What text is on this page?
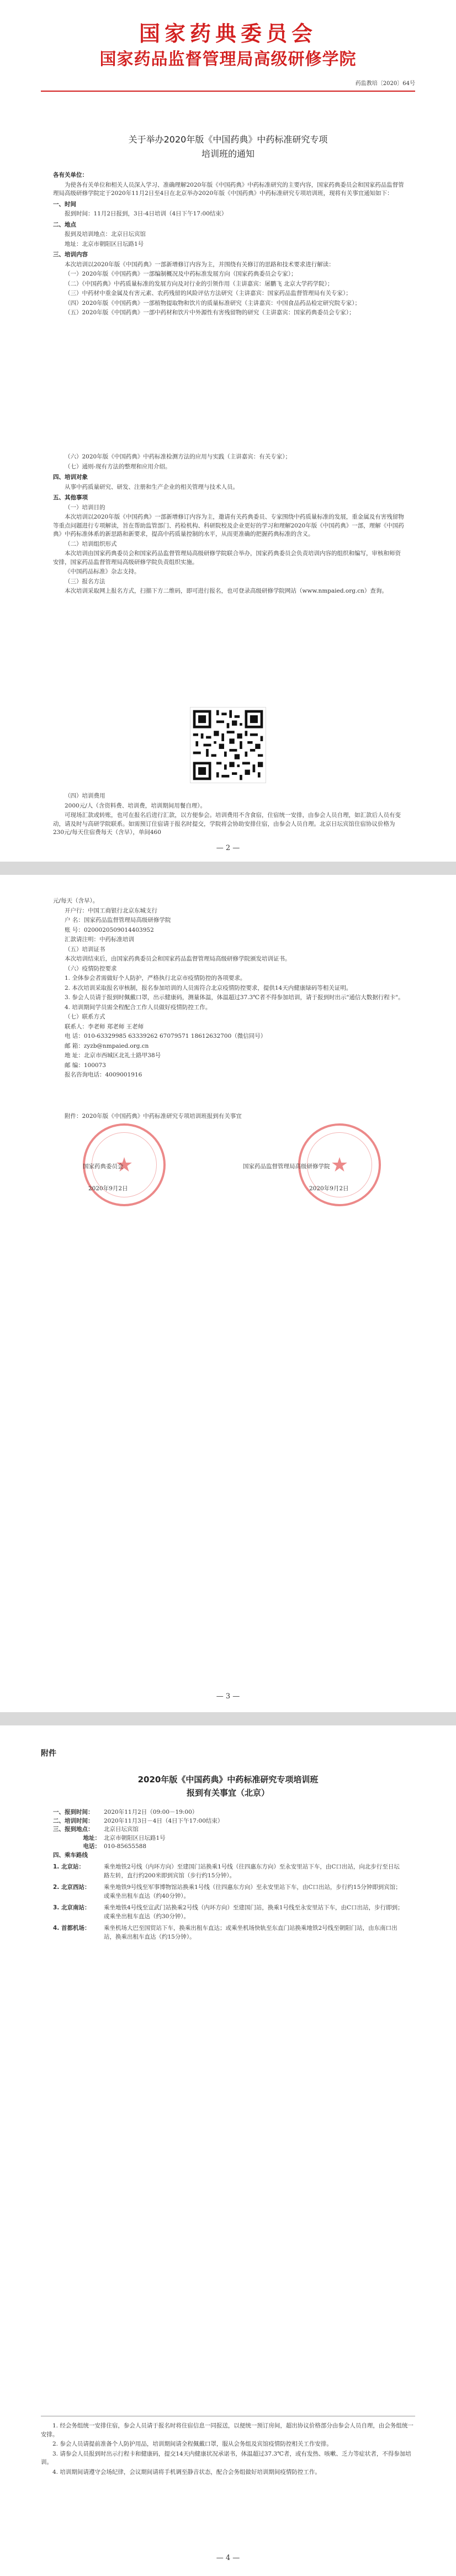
国家药典委员会
国家药品监督管理局高级研修学院
药监教培〔2020〕64号
关于举办2020年版《中国药典》中药标准研究专项
培训班的通知

各有关单位：

为使各有关单位和相关人员深入学习、准确理解2020年版《中国药典》中药标准研究的主要内容，国家药典委员会和国家药品监督管理局高级研修学院定于2020年11月2日至4日在北京举办2020年版《中国药典》中药标准研究专项培训班，现将有关事宜通知如下：

一、时间

报到时间：11月2日报到，3日-4日培训（4日下午17:00结束）

二、地点

报到及培训地点：北京日坛宾馆

地址：北京市朝阳区日坛路1号

三、培训内容

本次培训以2020年版《中国药典》一部新增修订内容为主，并围绕有关修订的思路和技术要求进行解读：

（一）2020年版《中国药典》一部编制概况及中药标准发展方向（国家药典委员会专家）；

（二）《中国药典》中药质量标准的发展方向及对行业的引领作用（主讲嘉宾：屠鹏飞 北京大学药学院）；

（三）中药材中重金属及有害元素、农药残留的风险评估方法研究（主讲嘉宾：国家药品监督管理局有关专家）；

（四）2020年版《中国药典》一部植物提取物和饮片的质量标准研究（主讲嘉宾：中国食品药品检定研究院专家）；

（五）2020年版《中国药典》一部中药材和饮片中外源性有害残留物的研究（主讲嘉宾：国家药典委员会专家）；

（六）2020年版《中国药典》中药标准检测方法的应用与实践（主讲嘉宾：有关专家）；

（七）通则-现有方法的整理和应用介绍。

四、培训对象

从事中药质量研究、研发、注册和生产企业的相关管理与技术人员。

五、其他事项

（一）培训目的

本次培训以2020年版《中国药典》一部新增修订内容为主，邀请有关药典委员、专家围绕中药质量标准的发展，重金属及有害残留物等重点问题进行专项解读，旨在帮助监管部门、药检机构、科研院校及企业更好的学习和理解2020年版《中国药典》一部，理解《中国药典》中药标准体系的新思路和新要求，提高中药质量控制的水平，从而更准确的把握药典标准的含义。

（二）培训组织形式

本次培训由国家药典委员会和国家药品监督管理局高级研修学院联合举办，国家药典委员会负责培训内容的组织和编写，审核和师资安排，国家药品监督管理局高级研修学院负责组织实施。

《中国药品标准》杂志支持。

（三）报名方法

本次培训采取网上报名方式，扫描下方二维码，即可进行报名，也可登录高级研修学院网站（www.nmpaied.org.cn）查询。

（四）培训费用

2000元/人（含资料费、培训费，培训期间用餐自理）。

可现场汇款或转账，也可在报名后进行汇款，以方便参会。培训费用不含食宿，住宿统一安排，由参会人员自理，如汇款后人员有变动，请及时与高研学院联系。如需预订住宿请于报名时提交，学院将会协助安排住宿，由参会人员自理。北京日坛宾馆住宿协议价格为230元/每天住宿费每天（含早），单间460

— 2 —

元/每天（含早）。

开户行：中国工商银行北京东城支行

户 名：国家药品监督管理局高级研修学院

账 号：0200020509014403952

汇款请注明：中药标准培训

（五）培训证书

本次培训结束后，由国家药典委员会和国家药品监督管理局高级研修学院颁发培训证书。

（六）疫情防控要求

1. 全体参会者需做好个人防护，严格执行北京市疫情防控的各项要求。

2. 本次培训采取报名审核制，报名参加培训的人员需符合北京疫情防控要求，提供14天内健康绿码等相关证明。

3. 参会人员请于报到时佩戴口罩，出示健康码，测量体温，体温超过37.3℃者不得参加培训，请于报到时出示"通信大数据行程卡"。

4. 培训期间学员需全程配合工作人员做好疫情防控工作。

（七）联系方式

联系人：李老师 郑老师 王老师

电 话：010-63329985 63339262 67079571 18612632700（微信同号）

邮 箱：zyzb@nmpaied.org.cn

地 址：北京市西城区北礼士路甲38号

邮 编：100073

报名咨询电话：4009001916

附件：2020年版《中国药典》中药标准研究专项培训班报到有关事宜

★	★
国家药典委员会	国家药品监督管理局高级研修学院
2020年9月2日	2020年9月2日
— 3 —
附件
2020年版《中国药典》中药标准研究专项培训班
报到有关事宜（北京）
一、报到时间：	2020年11月2日（09:00－19:00）
二、培训时间：	2020年11月3日－4日（4日下午17:00结束）
三、报到地点：	北京日坛宾馆
地址： 北京市朝阳区日坛路1号
电话： 010-85655588
四、乘车路线
1. 北京站：	乘坐地铁2号线（内环方向）至建国门站换乘1号线（往四惠东方向）至永安里站下车，由C口出站，向北步行至日坛路左转，直行约200米即到宾馆（步行约15分钟）。
2. 北京西站：	乘坐地铁9号线至军事博物馆站换乘1号线（往四惠东方向）至永安里站下车，由C口出站，步行约15分钟即到宾馆；或乘坐出租车直达（约40分钟）。
3. 北京南站：	乘坐地铁4号线至宣武门站换乘2号线（内环方向）至建国门站，换乘1号线至永安里站下车，由C口出站，步行即到；或乘坐出租车直达（约30分钟）。
4. 首都机场：	乘坐机场大巴至国贸站下车，换乘出租车直达；或乘坐机场快轨至东直门站换乘地铁2号线至朝阳门站，由东南口出站，换乘出租车直达（约15分钟）。

1. 经会务组统一安排住宿，参会人员请于报名时将住宿信息一同报送，以便统一预订房间，超出协议价格部分由参会人员自理，由会务组统一安排。

2. 参会人员请提前准备个人防护用品，培训期间请全程佩戴口罩，服从会务组及宾馆疫情防控相关工作安排。

3. 请参会人员报到时出示行程卡和健康码，提交14天内健康状况承诺书，体温超过37.3℃者，或有发热、咳嗽、乏力等症状者，不得参加培训。

4. 培训期间请遵守会场纪律，会议期间请将手机调至静音状态，配合会务组做好培训期间疫情防控工作。

— 4 —
